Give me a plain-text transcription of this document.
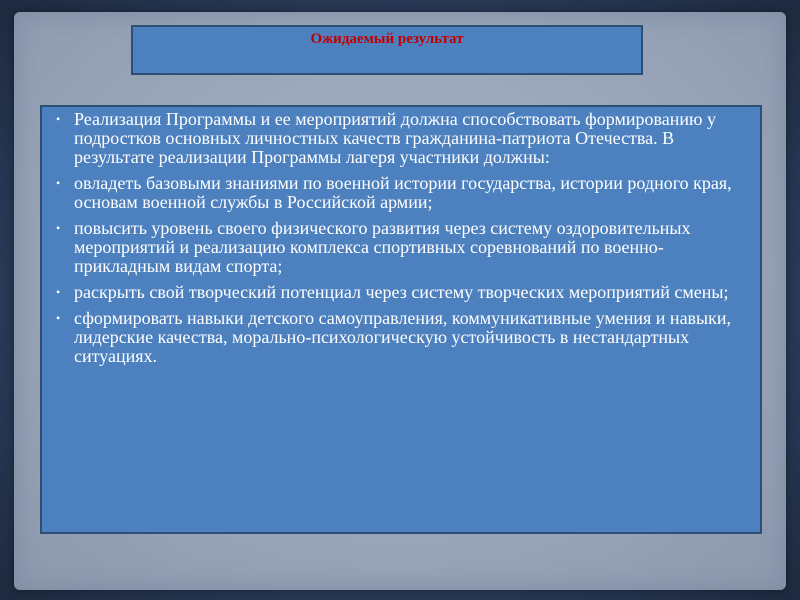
Ожидаемый результат
• Реализация Программы и ее мероприятий должна способствовать формированию у подростков основных личностных качеств гражданина-патриота Отечества. В результате реализации Программы лагеря участники должны:
• овладеть базовыми знаниями по военной истории государства, истории родного края, основам военной службы в Российской армии;
• повысить уровень своего физического развития через систему оздоровительных мероприятий и реализацию комплекса спортивных соревнований по военно- прикладным видам спорта;
• раскрыть свой творческий потенциал через систему творческих мероприятий смены;
• сформировать навыки детского самоуправления, коммуникативные умения и навыки, лидерские качества, морально-психологическую устойчивость в нестандартных ситуациях.
